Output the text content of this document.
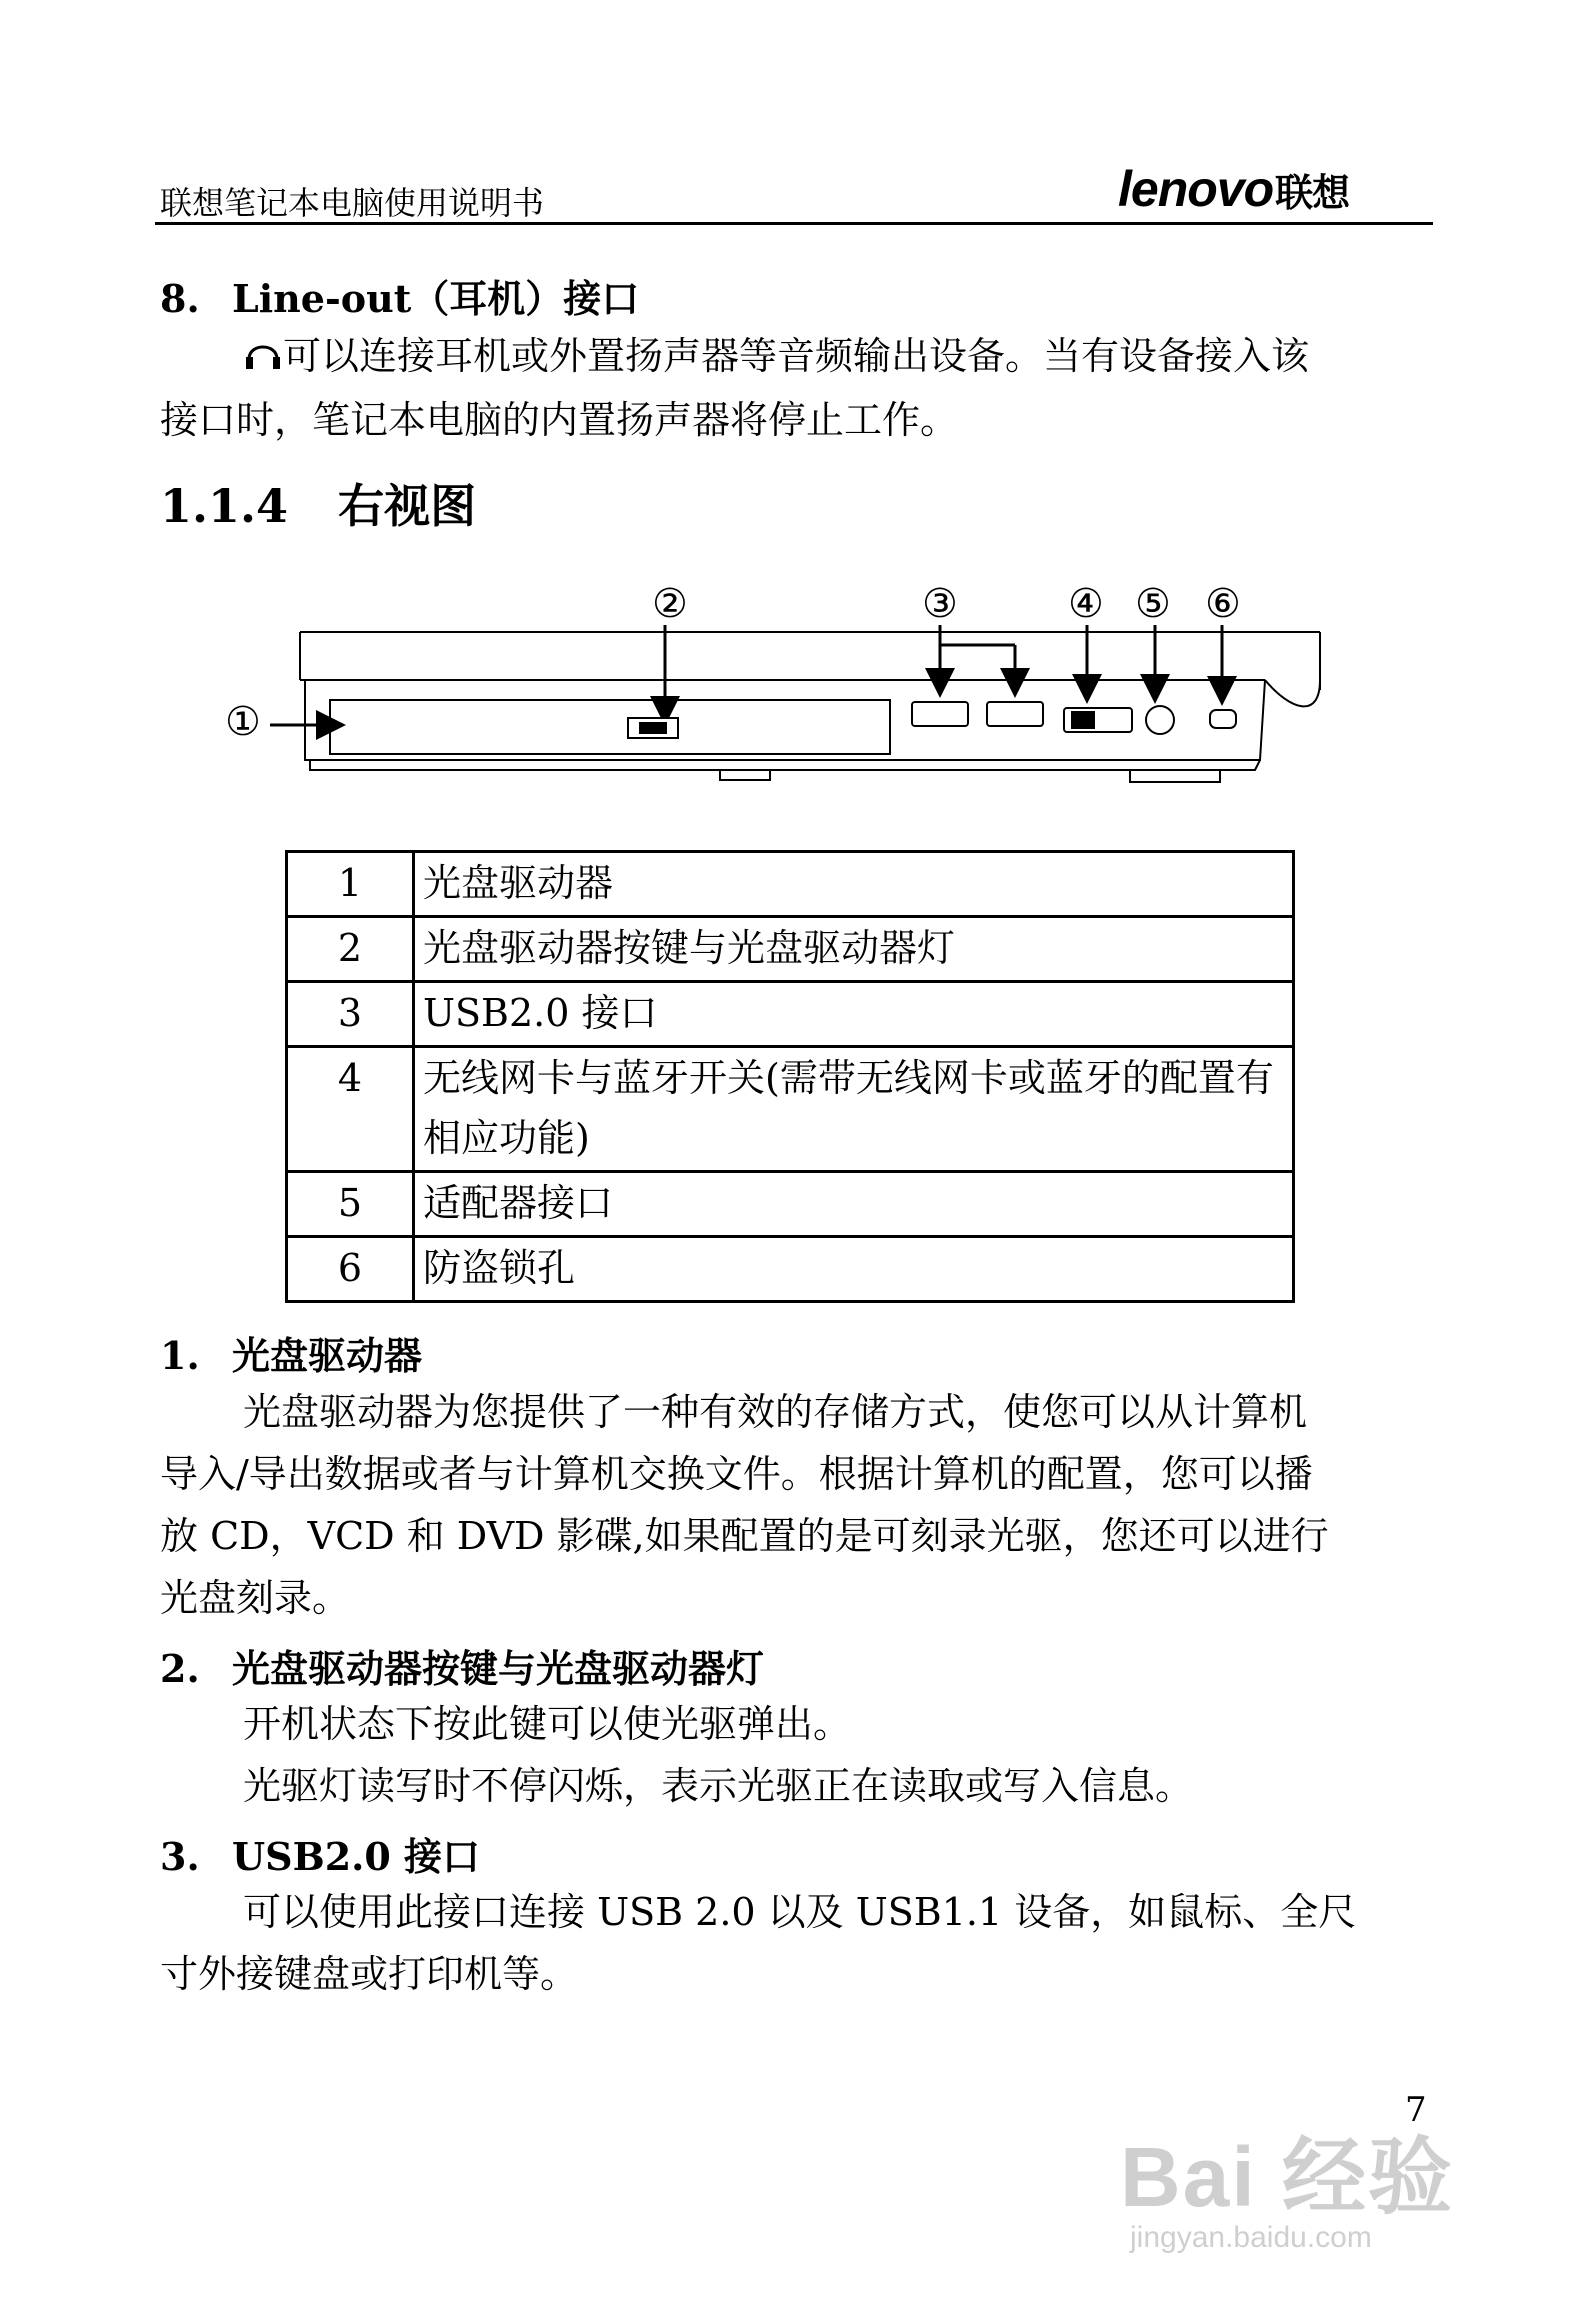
联想笔记本电脑使用说明书	lenovo联想
8. Line-out（耳机）接口
可以连接耳机或外置扬声器等音频输出设备。当有设备接入该
接口时，笔记本电脑的内置扬声器将停止工作。
1.1.4 右视图
①
②	③	④ ⑤ ⑥
1	光盘驱动器
2	光盘驱动器按键与光盘驱动器灯
3	USB2.0 接口
4	无线网卡与蓝牙开关(需带无线网卡或蓝牙的配置有相应功能)
5	适配器接口
6	防盗锁孔
1. 光盘驱动器
光盘驱动器为您提供了一种有效的存储方式，使您可以从计算机
导入/导出数据或者与计算机交换文件。根据计算机的配置，您可以播
放 CD，VCD 和 DVD 影碟,如果配置的是可刻录光驱，您还可以进行
光盘刻录。
2. 光盘驱动器按键与光盘驱动器灯
开机状态下按此键可以使光驱弹出。
光驱灯读写时不停闪烁，表示光驱正在读取或写入信息。
3. USB2.0 接口
可以使用此接口连接 USB 2.0 以及 USB1.1 设备，如鼠标、全尺
寸外接键盘或打印机等。
7
Bai 经验
jingyan.baidu.com
